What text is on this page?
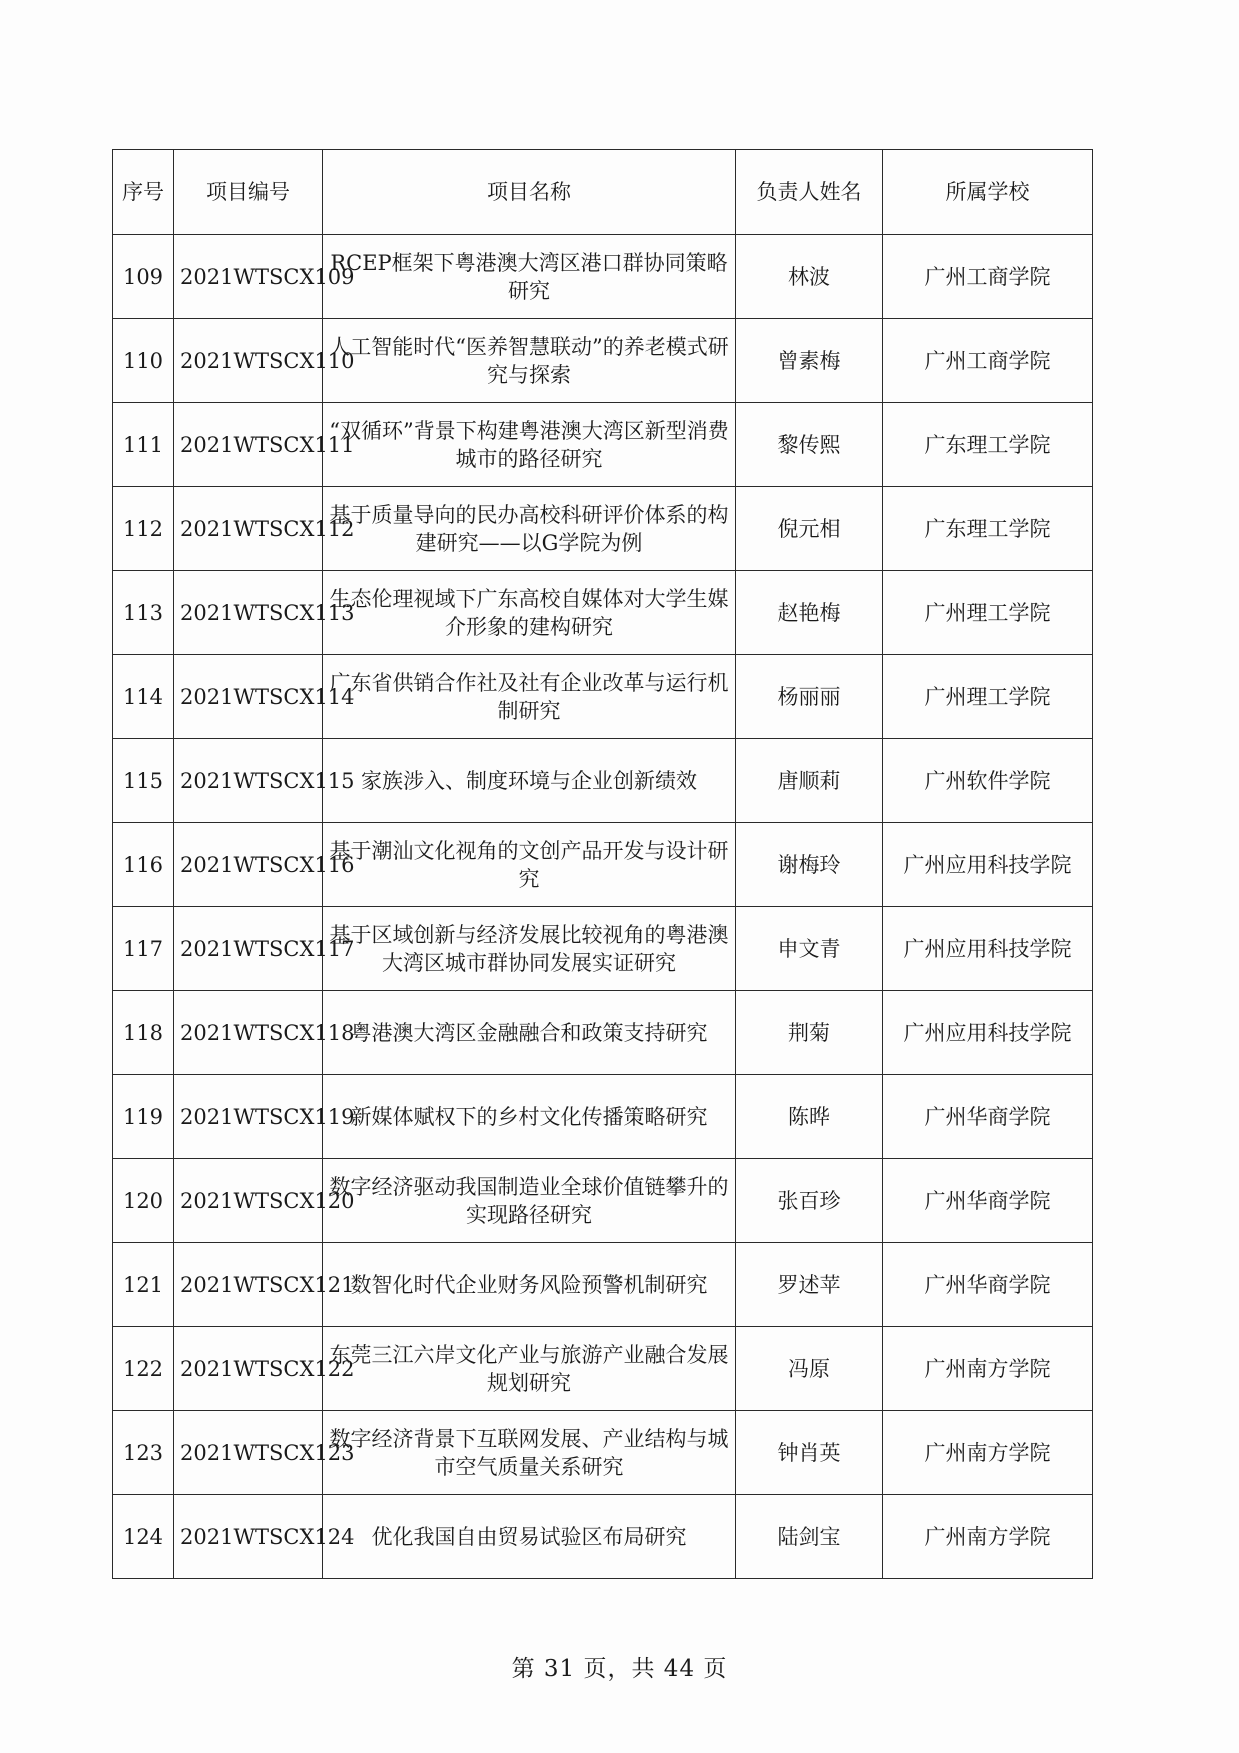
序号	项目编号	项目名称	负责人姓名	所属学校
109	2021WTSCX109	RCEP框架下粤港澳大湾区港口群协同策略研究	林波	广州工商学院
110	2021WTSCX110	人工智能时代“医养智慧联动”的养老模式研究与探索	曾素梅	广州工商学院
111	2021WTSCX111	“双循环”背景下构建粤港澳大湾区新型消费城市的路径研究	黎传熙	广东理工学院
112	2021WTSCX112	基于质量导向的民办高校科研评价体系的构建研究——以G学院为例	倪元相	广东理工学院
113	2021WTSCX113	生态伦理视域下广东高校自媒体对大学生媒介形象的建构研究	赵艳梅	广州理工学院
114	2021WTSCX114	广东省供销合作社及社有企业改革与运行机制研究	杨丽丽	广州理工学院
115	2021WTSCX115	家族涉入、制度环境与企业创新绩效	唐顺莉	广州软件学院
116	2021WTSCX116	基于潮汕文化视角的文创产品开发与设计研究	谢梅玲	广州应用科技学院
117	2021WTSCX117	基于区域创新与经济发展比较视角的粤港澳大湾区城市群协同发展实证研究	申文青	广州应用科技学院
118	2021WTSCX118	粤港澳大湾区金融融合和政策支持研究	荆菊	广州应用科技学院
119	2021WTSCX119	新媒体赋权下的乡村文化传播策略研究	陈晔	广州华商学院
120	2021WTSCX120	数字经济驱动我国制造业全球价值链攀升的实现路径研究	张百珍	广州华商学院
121	2021WTSCX121	数智化时代企业财务风险预警机制研究	罗述苹	广州华商学院
122	2021WTSCX122	东莞三江六岸文化产业与旅游产业融合发展规划研究	冯原	广州南方学院
123	2021WTSCX123	数字经济背景下互联网发展、产业结构与城市空气质量关系研究	钟肖英	广州南方学院
124	2021WTSCX124	优化我国自由贸易试验区布局研究	陆剑宝	广州南方学院
第 31 页，共 44 页
